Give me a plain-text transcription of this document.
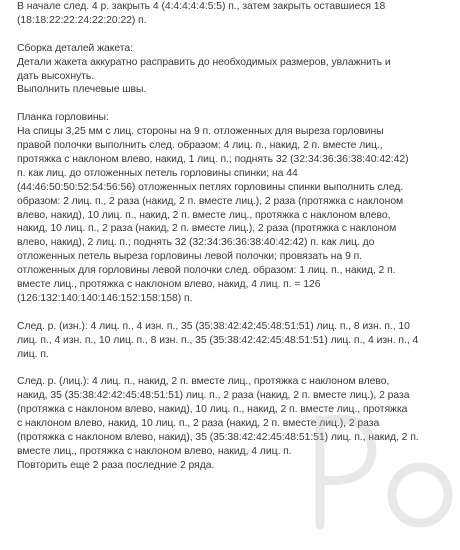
В начале след. 4 р. закрыть 4 (4:4:4:4:4:5:5) п., затем закрыть оставшиеся 18
(18:18:22:22:24:22:20:22) п.
Сборка деталей жакета:
Детали жакета аккуратно расправить до необходимых размеров, увлажнить и
дать высохнуть.
Выполнить плечевые швы.
Планка горловины:
На спицы 3,25 мм с лиц. стороны на 9 п. отложенных для выреза горловины
правой полочки выполнить след. образом: 4 лиц. п., накид, 2 п. вместе лиц.,
протяжка с наклоном влево, накид, 1 лиц. п.; поднять 32 (32:34:36:36:38:40:42:42)
п. как лиц. до отложенных петель горловины спинки; на 44
(44:46:50:50:52:54:56:56) отложенных петлях горловины спинки выполнить след.
образом: 2 лиц. п., 2 раза (накид, 2 п. вместе лиц.), 2 раза (протяжка с наклоном
влево, накид), 10 лиц. п., накид, 2 п. вместе лиц., протяжка с наклоном влево,
накид, 10 лиц. п., 2 раза (накид, 2 п. вместе лиц.), 2 раза (протяжка с наклоном
влево, накид), 2 лиц. п.; поднять 32 (32:34:36:36:38:40:42:42) п. как лиц. до
отложенных петель выреза горловины левой полочки; провязать на 9 п.
отложенных для горловины левой полочки след. образом: 1 лиц. п., накид, 2 п.
вместе лиц., протяжка с наклоном влево, накид, 4 лиц. п. = 126
(126:132:140:140:146:152:158:158) п.
След. р. (изн.): 4 лиц. п., 4 изн. п., 35 (35:38:42:42:45:48:51:51) лиц. п., 8 изн. п., 10
лиц. п., 4 изн. п., 10 лиц. п., 8 изн. п., 35 (35:38:42:42:45:48:51:51) лиц. п., 4 изн. п., 4
лиц. п.
След. р. (лиц.): 4 лиц. п., накид, 2 п. вместе лиц., протяжка с наклоном влево,
накид, 35 (35:38:42:42:45:48:51:51) лиц. п., 2 раза (накид, 2 п. вместе лиц.), 2 раза
(протяжка с наклоном влево, накид), 10 лиц. п., накид, 2 п. вместе лиц., протяжка
с наклоном влево, накид, 10 лиц. п., 2 раза (накид, 2 п. вместе лиц.), 2 раза
(протяжка с наклоном влево, накид), 35 (35:38:42:42:45:48:51:51) лиц. п., накид, 2 п.
вместе лиц., протяжка с наклоном влево, накид, 4 лиц. п.
Повторить еще 2 раза последние 2 ряда.
